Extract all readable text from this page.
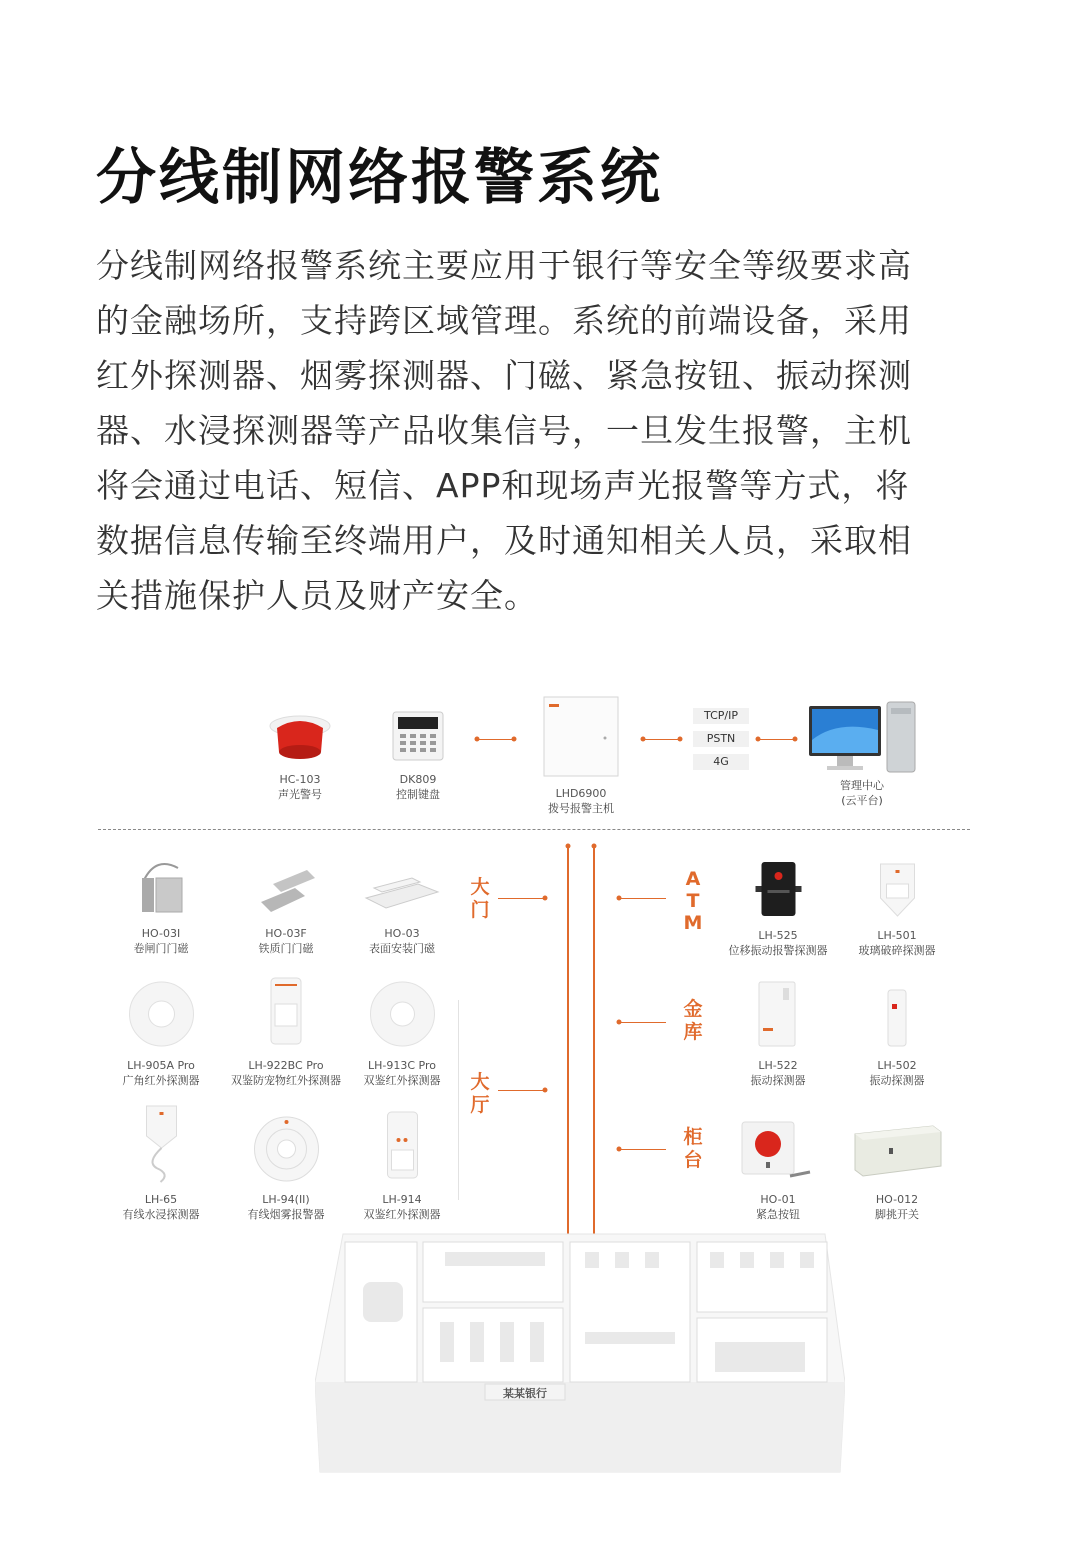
分线制网络报警系统
分线制网络报警系统主要应用于银行等安全等级要求高
的金融场所，支持跨区域管理。系统的前端设备，采用
红外探测器、烟雾探测器、门磁、紧急按钮、振动探测
器、水浸探测器等产品收集信号，一旦发生报警，主机
将会通过电话、短信、APP和现场声光报警等方式，将
数据信息传输至终端用户，及时通知相关人员，采取相
关措施保护人员及财产安全。
HC-103
声光警号
DK809
控制键盘	LHD6900
拨号报警主机
TCP/IP
PSTN
4G
管理中心
(云平台)
大门
大厅
ATM
金库
柜台
HO-03I
卷闸门门磁
HO-03F
铁质门门磁
HO-03
表面安装门磁
LH-905A Pro
广角红外探测器
LH-922BC Pro
双鉴防宠物红外探测器
LH-913C Pro
双鉴红外探测器
LH-65
有线水浸探测器
LH-94(II)
有线烟雾报警器
LH-914
双鉴红外探测器
LH-525
位移振动报警探测器
LH-501
玻璃破碎探测器
LH-522
振动探测器
LH-502
振动探测器
HO-01
紧急按钮
HO-012
脚挑开关
某某银行
